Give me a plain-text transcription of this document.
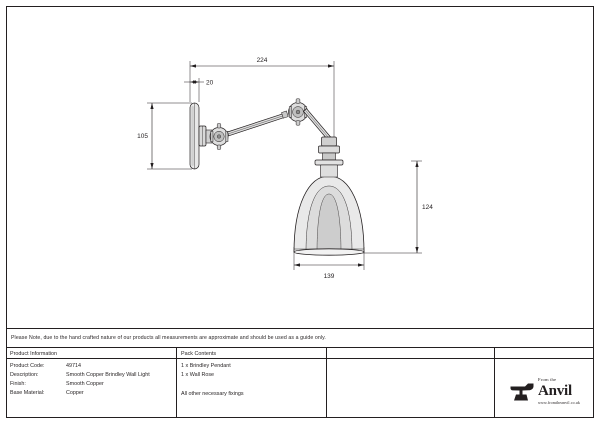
224
20
105
124
139
Please Note, due to the hand crafted nature of our products all measurements are approximate and should be used as a guide only.
Product Information	Pack Contents
Product Code:	49714
Description:	Smooth Copper Brindley Wall Light
Finish:	Smooth Copper
Base Material:	Copper
1 x Brindley Pendant
1 x Wall Rose
All other necessary fixings
From the
Anvil
www.fromtheanvil.co.uk
